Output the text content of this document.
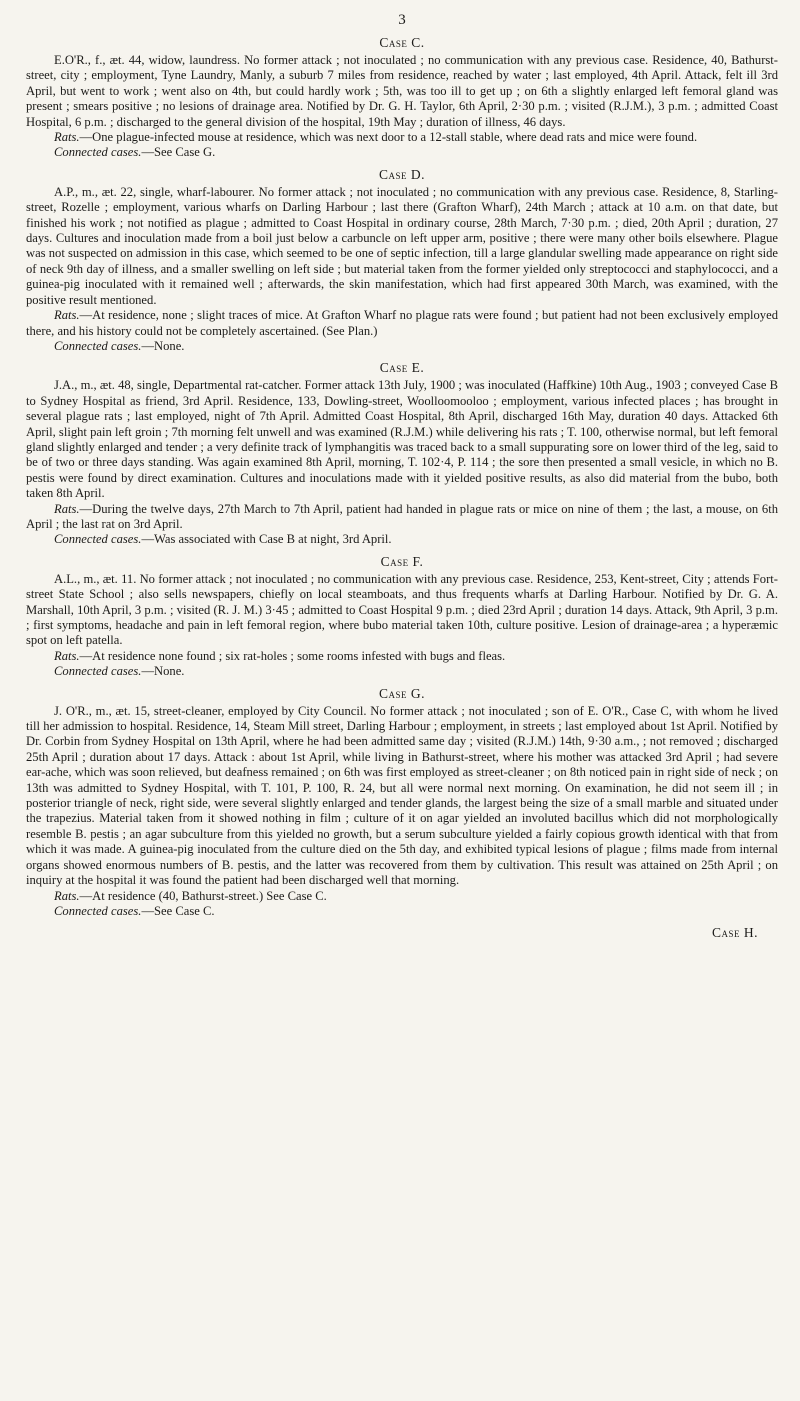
3
Case C.

E.O'R., f., æt. 44, widow, laundress. No former attack ; not inoculated ; no communication with any previous case. Residence, 40, Bathurst-street, city ; employment, Tyne Laundry, Manly, a suburb 7 miles from residence, reached by water ; last employed, 4th April. Attack, felt ill 3rd April, but went to work ; went also on 4th, but could hardly work ; 5th, was too ill to get up ; on 6th a slightly enlarged left femoral gland was present ; smears positive ; no lesions of drainage area. Notified by Dr. G. H. Taylor, 6th April, 2·30 p.m. ; visited (R.J.M.), 3 p.m. ; admitted Coast Hospital, 6 p.m. ; discharged to the general division of the hospital, 19th May ; duration of illness, 46 days.

Rats.—One plague-infected mouse at residence, which was next door to a 12-stall stable, where dead rats and mice were found.

Connected cases.—See Case G.

Case D.

A.P., m., æt. 22, single, wharf-labourer. No former attack ; not inoculated ; no communication with any previous case. Residence, 8, Starling-street, Rozelle ; employment, various wharfs on Darling Harbour ; last there (Grafton Wharf), 24th March ; attack at 10 a.m. on that date, but finished his work ; not notified as plague ; admitted to Coast Hospital in ordinary course, 28th March, 7·30 p.m. ; died, 20th April ; duration, 27 days. Cultures and inoculation made from a boil just below a carbuncle on left upper arm, positive ; there were many other boils elsewhere. Plague was not suspected on admission in this case, which seemed to be one of septic infection, till a large glandular swelling made appearance on right side of neck 9th day of illness, and a smaller swelling on left side ; but material taken from the former yielded only streptococci and staphylococci, and a guinea-pig inoculated with it remained well ; afterwards, the skin manifestation, which had first appeared 30th March, was examined, with the positive result mentioned.

Rats.—At residence, none ; slight traces of mice. At Grafton Wharf no plague rats were found ; but patient had not been exclusively employed there, and his history could not be completely ascertained. (See Plan.)

Connected cases.—None.

Case E.

J.A., m., æt. 48, single, Departmental rat-catcher. Former attack 13th July, 1900 ; was inoculated (Haffkine) 10th Aug., 1903 ; conveyed Case B to Sydney Hospital as friend, 3rd April. Residence, 133, Dowling-street, Woolloomooloo ; employment, various infected places ; has brought in several plague rats ; last employed, night of 7th April. Admitted Coast Hospital, 8th April, discharged 16th May, duration 40 days. Attacked 6th April, slight pain left groin ; 7th morning felt unwell and was examined (R.J.M.) while delivering his rats ; T. 100, otherwise normal, but left femoral gland slightly enlarged and tender ; a very definite track of lymphangitis was traced back to a small suppurating sore on lower third of the leg, said to be of two or three days standing. Was again examined 8th April, morning, T. 102·4, P. 114 ; the sore then presented a small vesicle, in which no B. pestis were found by direct examination. Cultures and inoculations made with it yielded positive results, as also did material from the bubo, both taken 8th April.

Rats.—During the twelve days, 27th March to 7th April, patient had handed in plague rats or mice on nine of them ; the last, a mouse, on 6th April ; the last rat on 3rd April.

Connected cases.—Was associated with Case B at night, 3rd April.

Case F.

A.L., m., æt. 11. No former attack ; not inoculated ; no communication with any previous case. Residence, 253, Kent-street, City ; attends Fort-street State School ; also sells newspapers, chiefly on local steamboats, and thus frequents wharfs at Darling Harbour. Notified by Dr. G. A. Marshall, 10th April, 3 p.m. ; visited (R. J. M.) 3·45 ; admitted to Coast Hospital 9 p.m. ; died 23rd April ; duration 14 days. Attack, 9th April, 3 p.m. ; first symptoms, headache and pain in left femoral region, where bubo material taken 10th, culture positive. Lesion of drainage-area ; a hyperæmic spot on left patella.

Rats.—At residence none found ; six rat-holes ; some rooms infested with bugs and fleas.

Connected cases.—None.

Case G.

J. O'R., m., æt. 15, street-cleaner, employed by City Council. No former attack ; not inoculated ; son of E. O'R., Case C, with whom he lived till her admission to hospital. Residence, 14, Steam Mill street, Darling Harbour ; employment, in streets ; last employed about 1st April. Notified by Dr. Corbin from Sydney Hospital on 13th April, where he had been admitted same day ; visited (R.J.M.) 14th, 9·30 a.m., ; not removed ; discharged 25th April ; duration about 17 days. Attack : about 1st April, while living in Bathurst-street, where his mother was attacked 3rd April ; had severe ear-ache, which was soon relieved, but deafness remained ; on 6th was first employed as street-cleaner ; on 8th noticed pain in right side of neck ; on 13th was admitted to Sydney Hospital, with T. 101, P. 100, R. 24, but all were normal next morning. On examination, he did not seem ill ; in posterior triangle of neck, right side, were several slightly enlarged and tender glands, the largest being the size of a small marble and situated under the trapezius. Material taken from it showed nothing in film ; culture of it on agar yielded an involuted bacillus which did not morphologically resemble B. pestis ; an agar subculture from this yielded no growth, but a serum subculture yielded a fairly copious growth identical with that from which it was made. A guinea-pig inoculated from the culture died on the 5th day, and exhibited typical lesions of plague ; films made from internal organs showed enormous numbers of B. pestis, and the latter was recovered from them by cultivation. This result was attained on 25th April ; on inquiry at the hospital it was found the patient had been discharged well that morning.

Rats.—At residence (40, Bathurst-street.) See Case C.

Connected cases.—See Case C.

Case H.
